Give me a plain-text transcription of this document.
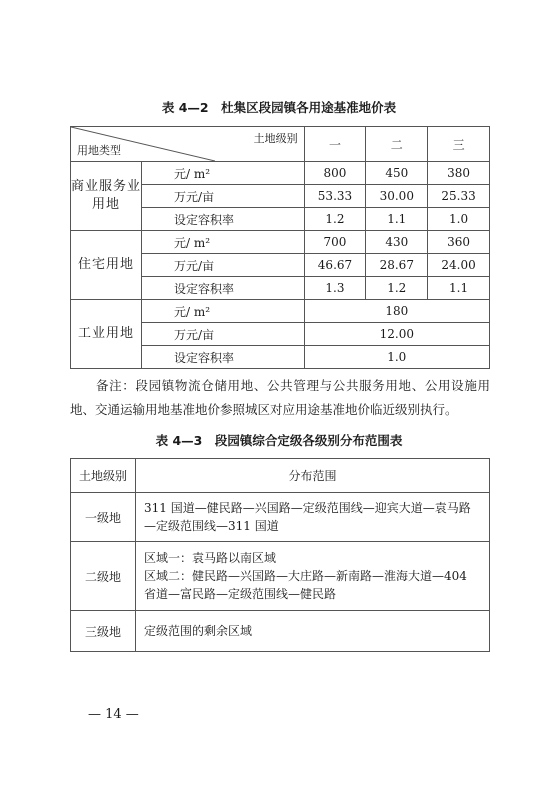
表 4—2　杜集区段园镇各用途基准地价表
土地级别
用地类型		一	二	三
商业服务业用地	元/ m²	800	450	380
	万元/亩	53.33	30.00	25.33
	设定容积率	1.2	1.1	1.0
住宅用地	元/ m²	700	430	360
	万元/亩	46.67	28.67	24.00
	设定容积率	1.3	1.2	1.1
工业用地	元/ m²	180		
	万元/亩	12.00		
	设定容积率	1.0		
备注：段园镇物流仓储用地、公共管理与公共服务用地、公用设施用地、交通运输用地基准地价参照城区对应用途基准地价临近级别执行。
表 4—3　段园镇综合定级各级别分布范围表
土地级别	分布范围
一级地	311 国道—健民路—兴国路—定级范围线—迎宾大道—袁马路—定级范围线—311 国道
二级地	区域一：袁马路以南区域
区域二：健民路—兴国路—大庄路—新南路—淮海大道—404 省道—富民路—定级范围线—健民路

三级地	定级范围的剩余区域
— 14 —
